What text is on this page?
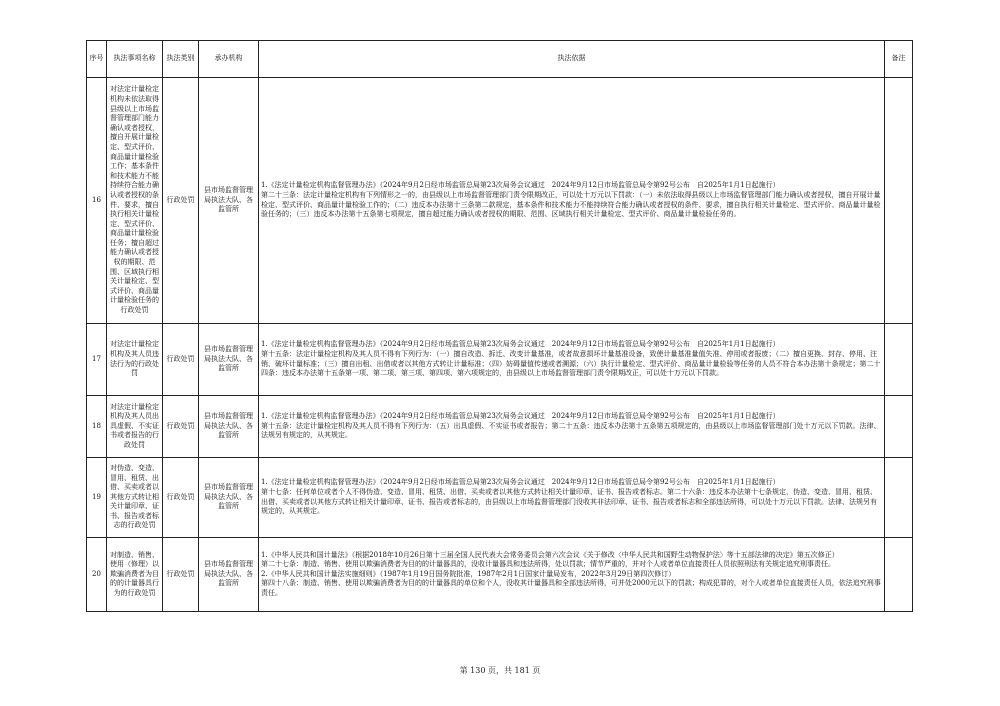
序号	执法事项名称	执法类别	承办机构	执法依据	备注
16	对法定计量检定机构未依法取得县级以上市场监督管理部门能力确认或者授权，擅自开展计量检定、型式评价、商品量计量检验工作；基本条件和技术能力不能持续符合能力确认或者授权的条件、要求，擅自执行相关计量检定、型式评价、商品量计量检验任务；擅自超过能力确认或者授权的期限、范围、区域执行相关计量检定、型式评价、商品量计量检验任务的行政处罚	行政处罚	县市场监督管理局执法大队、各监管所	1.《法定计量检定机构监督管理办法》（2024年9月2日经市场监管总局第23次局务会议通过　2024年9月12日市场监管总局令第92号公布　自2025年1月1日起施行）
第二十三条：法定计量检定机构有下列情形之一的，由县级以上市场监督管理部门责令限期改正，可以处十万元以下罚款：（一）未依法取得县级以上市场监督管理部门能力确认或者授权，擅自开展计量检定、型式评价、商品量计量检验工作的；（二）违反本办法第十三条第二款规定，基本条件和技术能力不能持续符合能力确认或者授权的条件、要求，擅自执行相关计量检定、型式评价、商品量计量检验任务的；（三）违反本办法第十五条第七项规定，擅自超过能力确认或者授权的期限、范围、区域执行相关计量检定、型式评价、商品量计量检验任务的。	

17	对法定计量检定机构及其人员违法行为的行政处罚	行政处罚	县市场监督管理局执法大队、各监管所	1.《法定计量检定机构监督管理办法》（2024年9月2日经市场监管总局第23次局务会议通过　2024年9月12日市场监管总局令第92号公布　自2025年1月1日起施行）
第十五条：法定计量检定机构及其人员不得有下列行为：（一）擅自改造、拆迁、改变计量基准，或者故意损坏计量基准设备，致使计量基准量值失准、停用或者报废；（二）擅自更换、封存、停用、注销、破坏计量标准；（三）擅自出租、出借或者以其他方式转让计量标准；（四）妨碍量值传递或者溯源；（六）执行计量检定、型式评价、商品量计量检验等任务的人员不符合本办法第十条规定；第二十四条：违反本办法第十五条第一项、第二项、第三项、第四项、第六项规定的，由县级以上市场监督管理部门责令限期改正，可以处十万元以下罚款。	

18	对法定计量检定机构及其人员出具虚假、不实证书或者报告的行政处罚	行政处罚	县市场监督管理局执法大队、各监管所	1.《法定计量检定机构监督管理办法》（2024年9月2日经市场监管总局第23次局务会议通过　2024年9月12日市场监管总局令第92号公布　自2025年1月1日起施行）
第十五条：法定计量检定机构及其人员不得有下列行为：（五）出具虚假、不实证书或者报告；第二十五条：违反本办法第十五条第五项规定的，由县级以上市场监督管理部门处十万元以下罚款。法律、法规另有规定的，从其规定。	

19	对伪造、变造、冒用、租赁、出借、买卖或者以其他方式转让相关计量印章、证书、报告或者标志的行政处罚	行政处罚	县市场监督管理局执法大队、各监管所	1.《法定计量检定机构监督管理办法》（2024年9月2日经市场监管总局第23次局务会议通过　2024年9月12日市场监管总局令第92号公布　自2025年1月1日起施行）
第十七条：任何单位或者个人不得伪造、变造、冒用、租赁、出借、买卖或者以其他方式转让相关计量印章、证书、报告或者标志。第二十六条：违反本办法第十七条规定，伪造、变造、冒用、租赁、出借、买卖或者以其他方式转让相关计量印章、证书、报告或者标志的，由县级以上市场监督管理部门没收其非法印章、证书、报告或者标志和全部违法所得，可以处十万元以下罚款。法律、法规另有规定的，从其规定。	

20	对制造、销售、使用（修理）以欺骗消费者为目的的计量器具行为的行政处罚	行政处罚	县市场监督管理局执法大队、各监管所	1.《中华人民共和国计量法》（根据2018年10月26日第十三届全国人民代表大会常务委员会第六次会议《关于修改〈中华人民共和国野生动物保护法〉等十五部法律的决定》第五次修正）
第二十七条：制造、销售、使用以欺骗消费者为目的的计量器具的，没收计量器具和违法所得，处以罚款；情节严重的，并对个人或者单位直接责任人员依照刑法有关规定追究刑事责任。
2.《中华人民共和国计量法实施细则》（1987年1月19日国务院批准，1987年2月1日国家计量局发布，2022年3月29日第四次修订）
第四十八条：制造、销售、使用以欺骗消费者为目的的计量器具的单位和个人，没收其计量器具和全部违法所得，可并处2000元以下的罚款；构成犯罪的，对个人或者单位直接责任人员，依法追究刑事责任。	

第 130 页，共 181 页
